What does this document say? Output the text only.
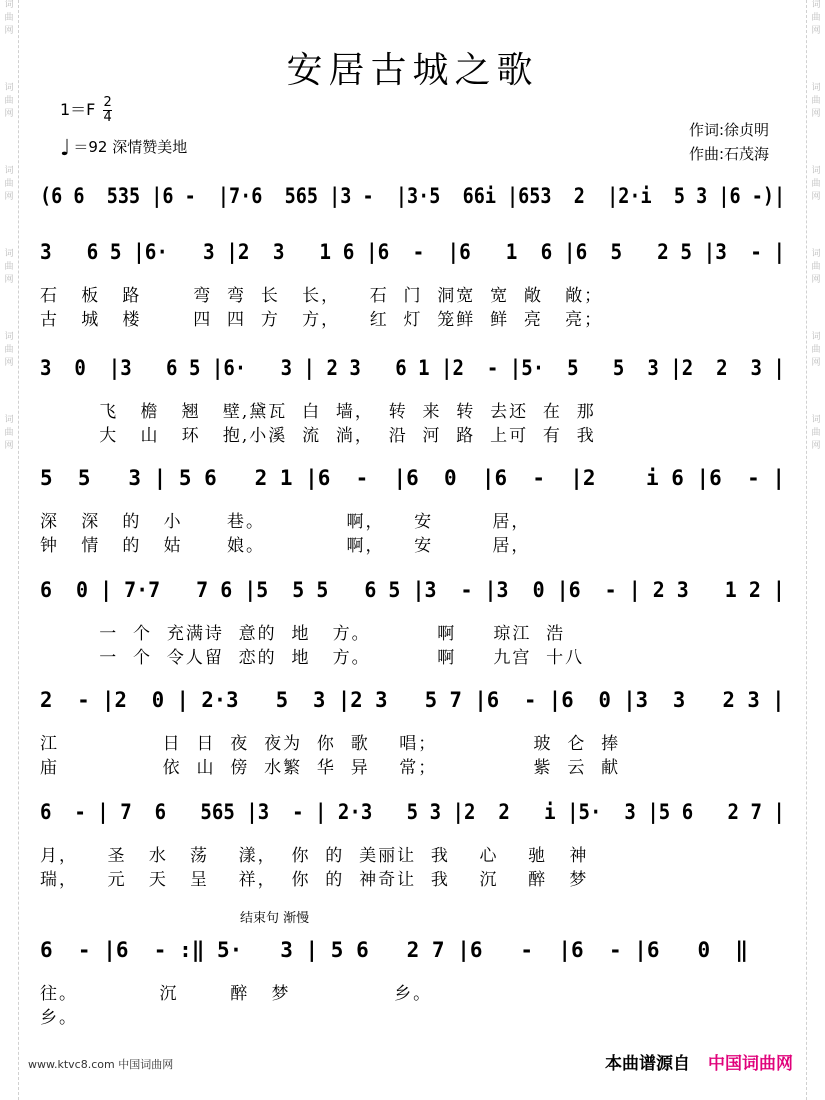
词
曲
网
词
曲
网
词
曲
网
词
曲
网
词
曲
网
词
曲
网
词
曲
网
词
曲
网
词
曲
网
词
曲
网
词
曲
网
词
曲
网
安居古城之歌
$1=F \frac{2}{4}$
♩ ＝92 深情赞美地
作词:徐贞明
作曲:石茂海
(6 6  535 |6 -  |7·6  565 |3 -  |3·5  66i |653  2  |2·i  5 3 |6 -)|
3   6 5 |6·   3 |2  3   1 6 |6  -  |6   1  6 |6  5   2 5 |3  - |
石   板   路       弯  弯  长   长，    石  门  洞宽  宽  敞   敞；
古   城   楼       四  四  方   方，    红  灯  笼鲜  鲜  亮   亮；
3  0  |3   6 5 |6·   3 | 2 3   6 1 |2  - |5·  5   5  3 |2  2  3 |
飞   檐   翘   壁,黛瓦  白  墙，  转  来  转  去还  在  那
大   山   环   抱,小溪  流  淌，  沿  河  路  上可  有  我
5  5   3 | 5 6   2 1 |6  -  |6  0  |6  -  |2    i 6 |6  - |
深   深   的   小      巷。           啊，    安        居，
钟   情   的   姑      娘。           啊，    安        居，
6  0 | 7·7   7 6 |5  5 5   6 5 |3  - |3  0 |6  - | 2 3   1 2 |
一  个  充满诗  意的  地   方。         啊     琼江  浩
一  个  令人留  恋的  地   方。         啊     九宫  十八
2  - |2  0 | 2·3   5  3 |2 3   5 7 |6  - |6  0 |3  3   2 3 |
江              日  日  夜  夜为  你  歌    唱；             玻  仑  捧
庙              依  山  傍  水繁  华  异    常；             紫  云  献
6  - | 7  6   565 |3  - | 2·3   5 3 |2  2   i |5·  3 |5 6   2 7 |
月，    圣   水   荡    漾，  你  的  美丽让  我    心    驰   神
瑞，    元   天   呈    祥，  你  的  神奇让  我    沉    醉   梦
6  - |6  - :‖ 5·   3 | 5 6   2 7 |6   -  |6  - |6   0  ‖
往。           沉       醉   梦              乡。
乡。
结束句 渐慢
www.ktvc8.com 中国词曲网	本曲谱源自 中国词曲网
